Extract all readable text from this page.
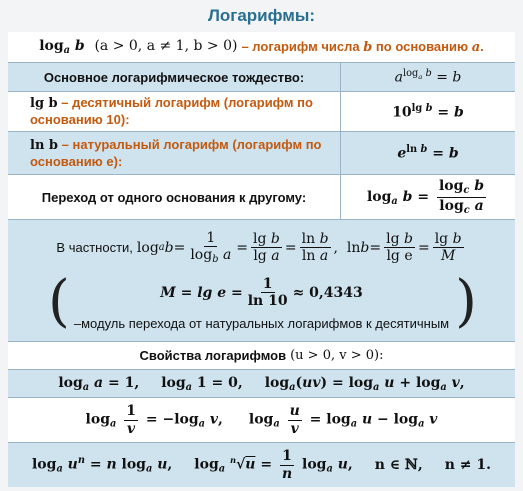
Логарифмы:
$\log_a b$ (a > 0, a ≠ 1, b > 0) – логарифм числа b по основанию a.
Основное логарифмическое тождество:	$a^{log_a b} = b$
lg b – десятичный логарифм (логарифм по основанию 10):	$10^{lg b} = b$
ln b – натуральный логарифм (логарифм по основанию e):	$e^{ln b} = b$
Переход от одного основания к другому:	$\log_a b = \frac{\log_c b}{\log_c a}$
В частности, log a $b = \frac{1}{\log_b a} = \frac{\text{lg b}}{\text{lg a}} = \frac{\text{ln b}}{\text{ln a}}$ ,  $\ln b = \frac{\text{lg b}}{\text{lg e}} = \frac{\text{lg b}}{M}$
(	)
$M = \lg e = \frac{1}{\ln 10} \approx 0,4343$
–модуль перехода от натуральных логарифмов к десятичным
Свойства логарифмов (u > 0, v > 0):
$\log_a a = 1$, $\log_a 1 = 0$, $\log_a(uv) = \log_a u + \log_a v$,
$\log_a \frac{1}{v} = -\log_a$ v, $\log_a \frac{u}{v} = \log_a u - \log_a v$
$\log_a u^n = n$ $\log_a u$, $\log_a ^n√u = \frac{1}{n} \log_a u$, n ∈ ℕ, n ≠ 1.
